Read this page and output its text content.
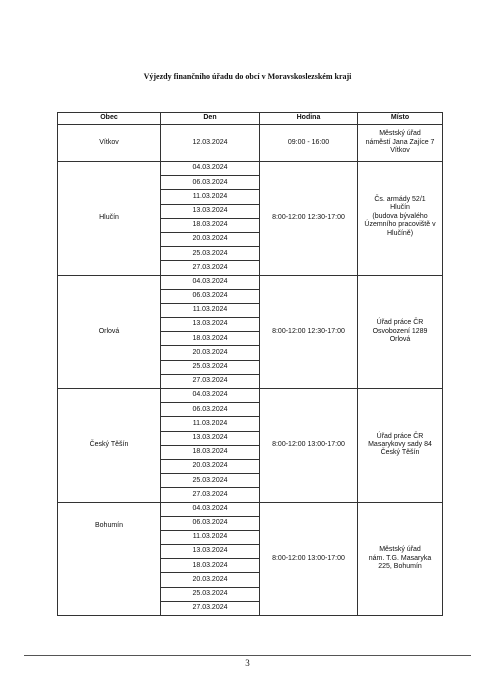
Výjezdy finančního úřadu do obcí v Moravskoslezském kraji
Obec	Den	Hodina	Místo
Vítkov	12.03.2024	09:00 - 16:00	Městský úřad
náměstí Jana Zajíce 7
Vítkov

Hlučín	04.03.2024	8:00-12:00 12:30-17:00	Čs. armády 52/1
Hlučín
(budova bývalého
Územního pracoviště v
Hlučíně)

	06.03.2024		
	11.03.2024		
	13.03.2024		
	18.03.2024		
	20.03.2024		
	25.03.2024		
	27.03.2024		
Orlová	04.03.2024	8:00-12:00 12:30-17:00	Úřad práce ČR
Osvobození 1289
Orlová

	06.03.2024		
	11.03.2024		
	13.03.2024		
	18.03.2024		
	20.03.2024		
	25.03.2024		
	27.03.2024		
Český Těšín	04.03.2024	8:00-12:00 13:00-17:00	Úřad práce ČR
Masarykovy sady 84
Český Těšín

	06.03.2024		
	11.03.2024		
	13.03.2024		
	18.03.2024		
	20.03.2024		
	25.03.2024		
	27.03.2024		
Bohumín	04.03.2024	8:00-12:00 13:00-17:00	Městský úřad
nám. T.G. Masaryka
225, Bohumín

	06.03.2024		
	11.03.2024		
	13.03.2024		
	18.03.2024		
	20.03.2024		
	25.03.2024		
	27.03.2024		
3
